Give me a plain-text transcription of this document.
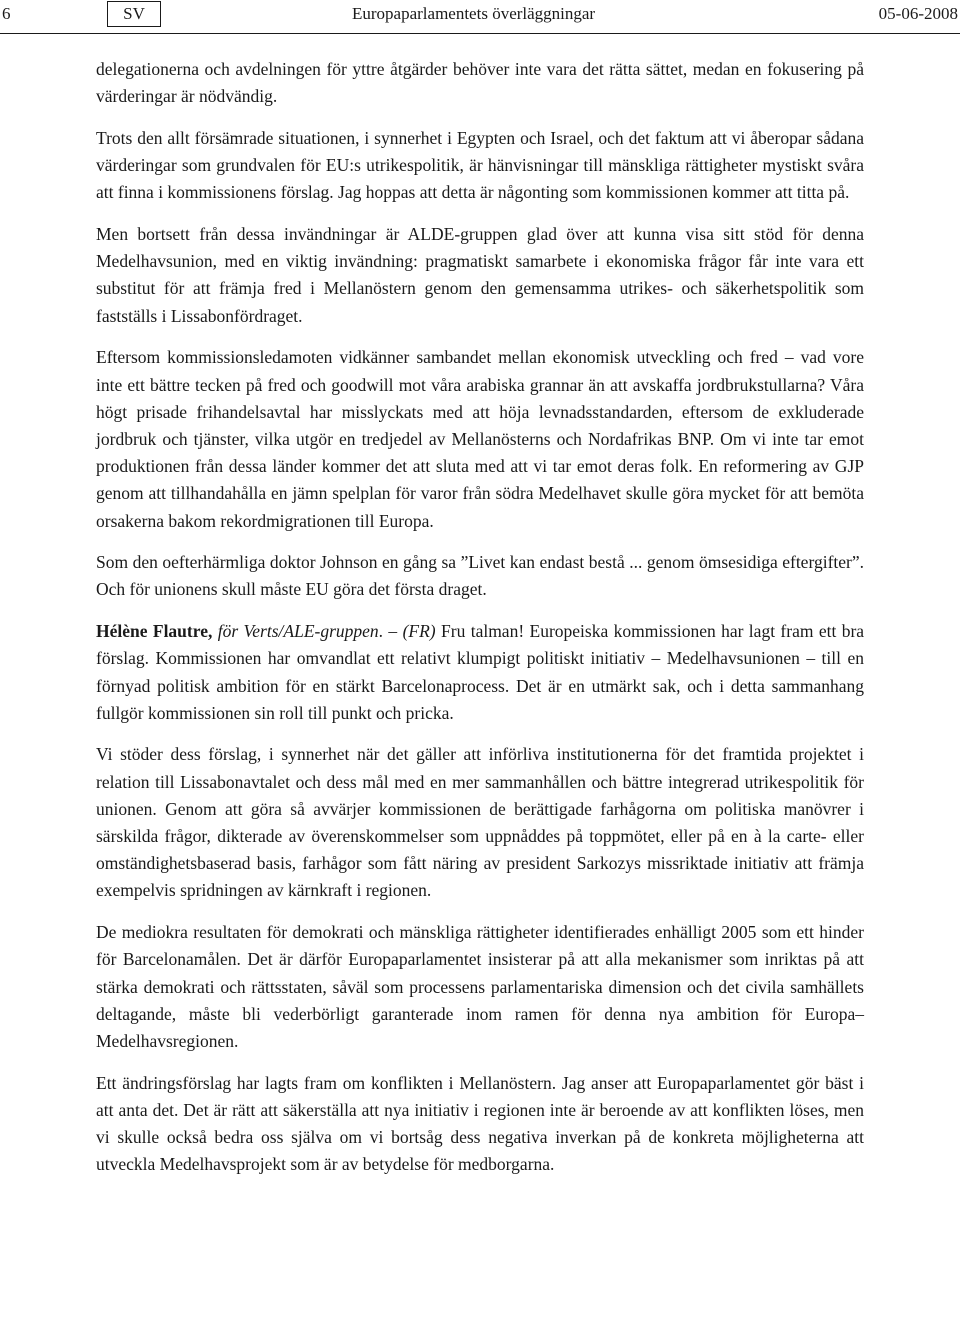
6	SV	Europaparlamentets överläggningar	05-06-2008

delegationerna och avdelningen för yttre åtgärder behöver inte vara det rätta sättet, medan en fokusering på värderingar är nödvändig.

Trots den allt försämrade situationen, i synnerhet i Egypten och Israel, och det faktum att vi åberopar sådana värderingar som grundvalen för EU:s utrikespolitik, är hänvisningar till mänskliga rättigheter mystiskt svåra att finna i kommissionens förslag. Jag hoppas att detta är någonting som kommissionen kommer att titta på.

Men bortsett från dessa invändningar är ALDE-gruppen glad över att kunna visa sitt stöd för denna Medelhavsunion, med en viktig invändning: pragmatiskt samarbete i ekonomiska frågor får inte vara ett substitut för att främja fred i Mellanöstern genom den gemensamma utrikes- och säkerhetspolitik som fastställs i Lissabonfördraget.

Eftersom kommissionsledamoten vidkänner sambandet mellan ekonomisk utveckling och fred – vad vore inte ett bättre tecken på fred och goodwill mot våra arabiska grannar än att avskaffa jordbrukstullarna? Våra högt prisade frihandelsavtal har misslyckats med att höja levnadsstandarden, eftersom de exkluderade jordbruk och tjänster, vilka utgör en tredjedel av Mellanösterns och Nordafrikas BNP. Om vi inte tar emot produktionen från dessa länder kommer det att sluta med att vi tar emot deras folk. En reformering av GJP genom att tillhandahålla en jämn spelplan för varor från södra Medelhavet skulle göra mycket för att bemöta orsakerna bakom rekordmigrationen till Europa.

Som den oefterhärmliga doktor Johnson en gång sa ”Livet kan endast bestå ... genom ömsesidiga eftergifter”. Och för unionens skull måste EU göra det första draget.

Hélène Flautre, för Verts/ALE-gruppen. – (FR) Fru talman! Europeiska kommissionen har lagt fram ett bra förslag. Kommissionen har omvandlat ett relativt klumpigt politiskt initiativ – Medelhavsunionen – till en förnyad politisk ambition för en stärkt Barcelonaprocess. Det är en utmärkt sak, och i detta sammanhang fullgör kommissionen sin roll till punkt och pricka.

Vi stöder dess förslag, i synnerhet när det gäller att införliva institutionerna för det framtida projektet i relation till Lissabonavtalet och dess mål med en mer sammanhållen och bättre integrerad utrikespolitik för unionen. Genom att göra så avvärjer kommissionen de berättigade farhågorna om politiska manövrer i särskilda frågor, dikterade av överenskommelser som uppnåddes på toppmötet, eller på en à la carte- eller omständighetsbaserad basis, farhågor som fått näring av president Sarkozys missriktade initiativ att främja exempelvis spridningen av kärnkraft i regionen.

De mediokra resultaten för demokrati och mänskliga rättigheter identifierades enhälligt 2005 som ett hinder för Barcelonamålen. Det är därför Europaparlamentet insisterar på att alla mekanismer som inriktas på att stärka demokrati och rättsstaten, såväl som processens parlamentariska dimension och det civila samhällets deltagande, måste bli vederbörligt garanterade inom ramen för denna nya ambition för Europa–Medelhavsregionen.

Ett ändringsförslag har lagts fram om konflikten i Mellanöstern. Jag anser att Europaparlamentet gör bäst i att anta det. Det är rätt att säkerställa att nya initiativ i regionen inte är beroende av att konflikten löses, men vi skulle också bedra oss själva om vi bortsåg dess negativa inverkan på de konkreta möjligheterna att utveckla Medelhavsprojekt som är av betydelse för medborgarna.
